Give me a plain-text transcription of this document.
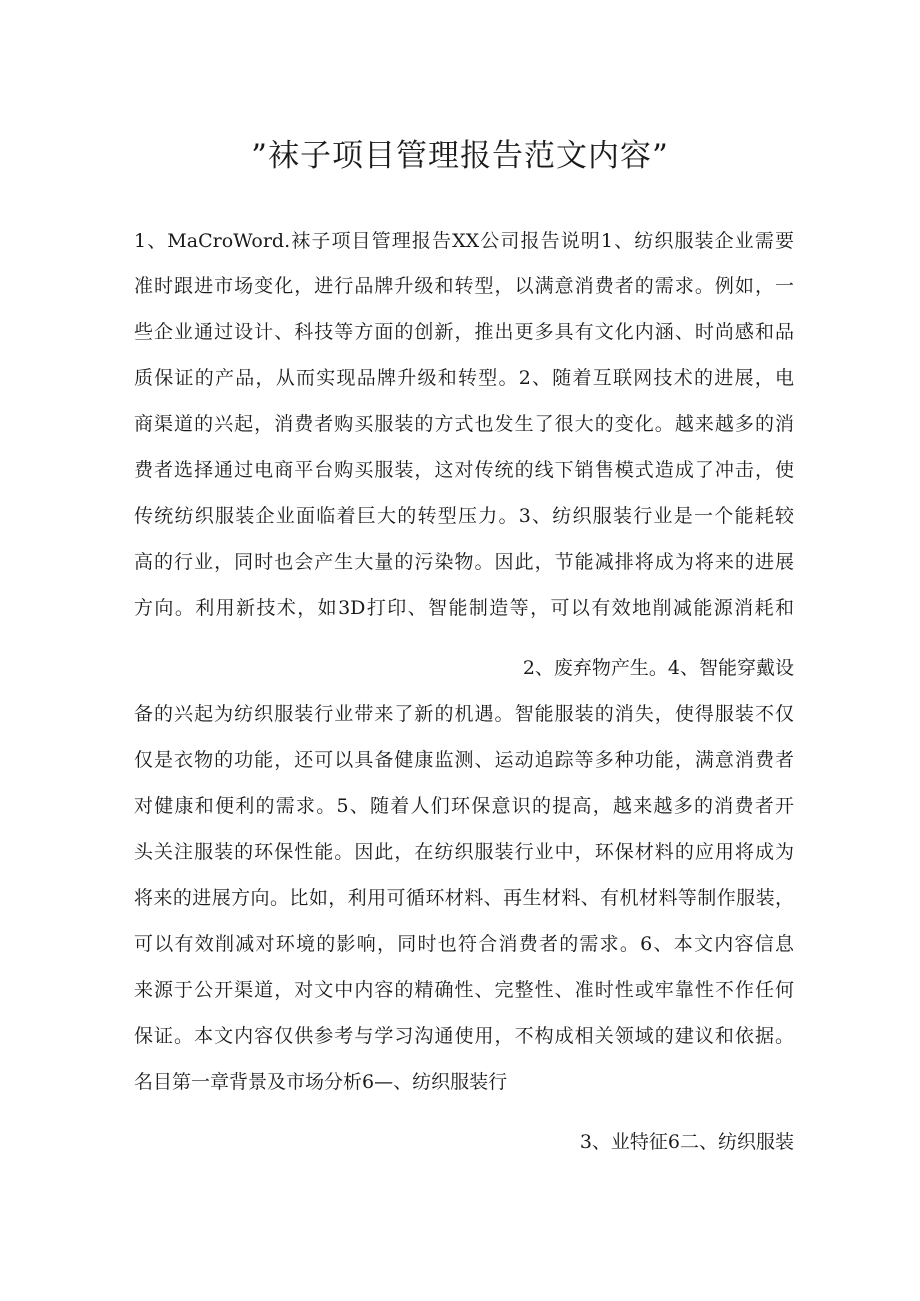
”袜子项目管理报告范文内容”
1、MaCroWord.袜子项目管理报告XX公司报告说明1、纺织服装企业需要
准时跟进市场变化，进行品牌升级和转型，以满意消费者的需求。例如，一
些企业通过设计、科技等方面的创新，推出更多具有文化内涵、时尚感和品
质保证的产品，从而实现品牌升级和转型。2、随着互联网技术的进展，电
商渠道的兴起，消费者购买服装的方式也发生了很大的变化。越来越多的消
费者选择通过电商平台购买服装，这对传统的线下销售模式造成了冲击，使
传统纺织服装企业面临着巨大的转型压力。3、纺织服装行业是一个能耗较
高的行业，同时也会产生大量的污染物。因此，节能减排将成为将来的进展
方向。利用新技术，如3D打印、智能制造等，可以有效地削减能源消耗和
2、废弃物产生。4、智能穿戴设
备的兴起为纺织服装行业带来了新的机遇。智能服装的消失，使得服装不仅
仅是衣物的功能，还可以具备健康监测、运动追踪等多种功能，满意消费者
对健康和便利的需求。5、随着人们环保意识的提高，越来越多的消费者开
头关注服装的环保性能。因此，在纺织服装行业中，环保材料的应用将成为
将来的进展方向。比如，利用可循环材料、再生材料、有机材料等制作服装，
可以有效削减对环境的影响，同时也符合消费者的需求。6、本文内容信息
来源于公开渠道，对文中内容的精确性、完整性、准时性或牢靠性不作任何
保证。本文内容仅供参考与学习沟通使用，不构成相关领域的建议和依据。
名目第一章背景及市场分析6—、纺织服装行
3、业特征6二、纺织服装
